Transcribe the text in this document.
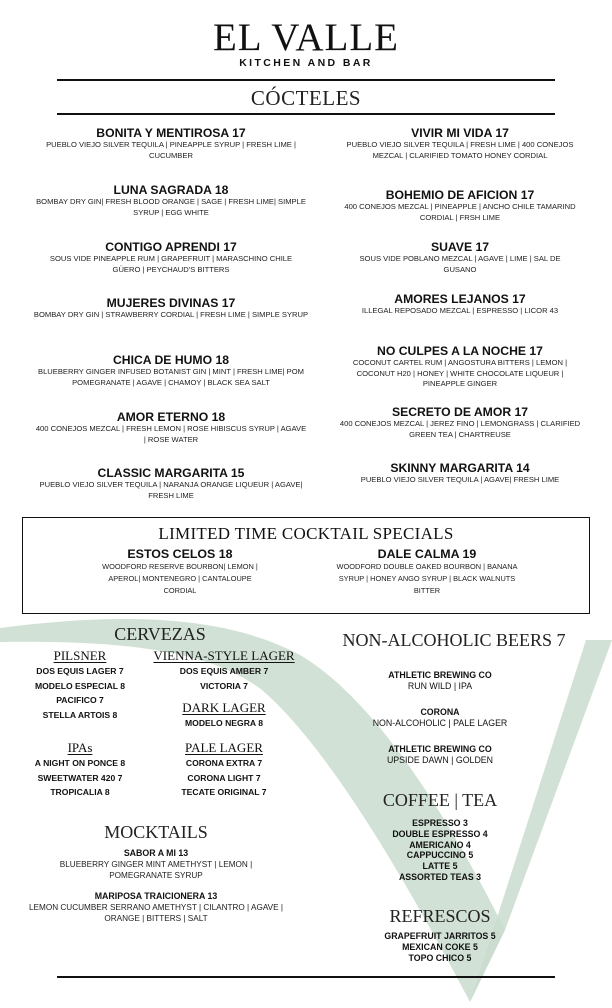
EL VALLE
KITCHEN AND BAR
CÓCTELES
BONITA Y MENTIROSA 17
PUEBLO VIEJO SILVER TEQUILA | PINEAPPLE SYRUP | FRESH LIME | CUCUMBER
LUNA SAGRADA 18
BOMBAY DRY GIN| FRESH BLOOD ORANGE | SAGE | FRESH LIME| SIMPLE SYRUP | EGG WHITE
CONTIGO APRENDI 17
SOUS VIDE PINEAPPLE RUM | GRAPEFRUIT | MARASCHINO CHILE GÜERO | PEYCHAUD'S BITTERS
MUJERES DIVINAS 17
BOMBAY DRY GIN | STRAWBERRY CORDIAL | FRESH LIME | SIMPLE SYRUP
CHICA DE HUMO 18
BLUEBERRY GINGER INFUSED BOTANIST GIN | MINT | FRESH LIME| POM POMEGRANATE | AGAVE | CHAMOY | BLACK SEA SALT
AMOR ETERNO 18
400 CONEJOS MEZCAL | FRESH LEMON | ROSE HIBISCUS SYRUP | AGAVE | ROSE WATER
CLASSIC MARGARITA 15
PUEBLO VIEJO SILVER TEQUILA | NARANJA ORANGE LIQUEUR | AGAVE| FRESH LIME
VIVIR MI VIDA 17
PUEBLO VIEJO SILVER TEQUILA | FRESH LIME | 400 CONEJOS MEZCAL | CLARIFIED TOMATO HONEY CORDIAL
BOHEMIO DE AFICION 17
400 CONEJOS MEZCAL | PINEAPPLE | ANCHO CHILE TAMARIND CORDIAL | FRSH LIME
SUAVE 17
SOUS VIDE POBLANO MEZCAL | AGAVE | LIME | SAL DE GUSANO
AMORES LEJANOS 17
ILLEGAL REPOSADO MEZCAL | ESPRESSO | LICOR 43
NO CULPES A LA NOCHE 17
COCONUT CARTEL RUM | ANGOSTURA BITTERS | LEMON | COCONUT H20 | HONEY | WHITE CHOCOLATE LIQUEUR | PINEAPPLE GINGER
SECRETO DE AMOR 17
400 CONEJOS MEZCAL | JEREZ FINO | LEMONGRASS | CLARIFIED GREEN TEA | CHARTREUSE
SKINNY MARGARITA 14
PUEBLO VIEJO SILVER TEQUILA | AGAVE| FRESH LIME
LIMITED TIME COCKTAIL SPECIALS
ESTOS CELOS 18
WOODFORD RESERVE BOURBON| LEMON | APEROL| MONTENEGRO | CANTALOUPE CORDIAL
DALE CALMA 19
WOODFORD DOUBLE OAKED BOURBON | BANANA SYRUP | HONEY ANGO SYRUP | BLACK WALNUTS BITTER
CERVEZAS
PILSNER
DOS EQUIS LAGER 7
MODELO ESPECIAL 8
PACIFICO 7
STELLA ARTOIS 8
VIENNA-STYLE LAGER
DOS EQUIS AMBER 7
VICTORIA 7
DARK LAGER
MODELO NEGRA 8
IPAs
A NIGHT ON PONCE 8
SWEETWATER 420 7
TROPICALIA 8
PALE LAGER
CORONA EXTRA 7
CORONA LIGHT 7
TECATE ORIGINAL 7
MOCKTAILS
SABOR A MI 13
BLUEBERRY GINGER MINT AMETHYST | LEMON | POMEGRANATE SYRUP
MARIPOSA TRAICIONERA 13
LEMON CUCUMBER SERRANO AMETHYST | CILANTRO | AGAVE | ORANGE | BITTERS | SALT
NON-ALCOHOLIC BEERS 7
ATHLETIC BREWING CO
RUN WILD | IPA
CORONA
NON-ALCOHOLIC | PALE LAGER
ATHLETIC BREWING CO
UPSIDE DAWN | GOLDEN
COFFEE | TEA
ESPRESSO 3
DOUBLE ESPRESSO 4
AMERICANO 4
CAPPUCCINO 5
LATTE 5
ASSORTED TEAS 3
REFRESCOS
GRAPEFRUIT JARRITOS 5
MEXICAN COKE 5
TOPO CHICO 5
